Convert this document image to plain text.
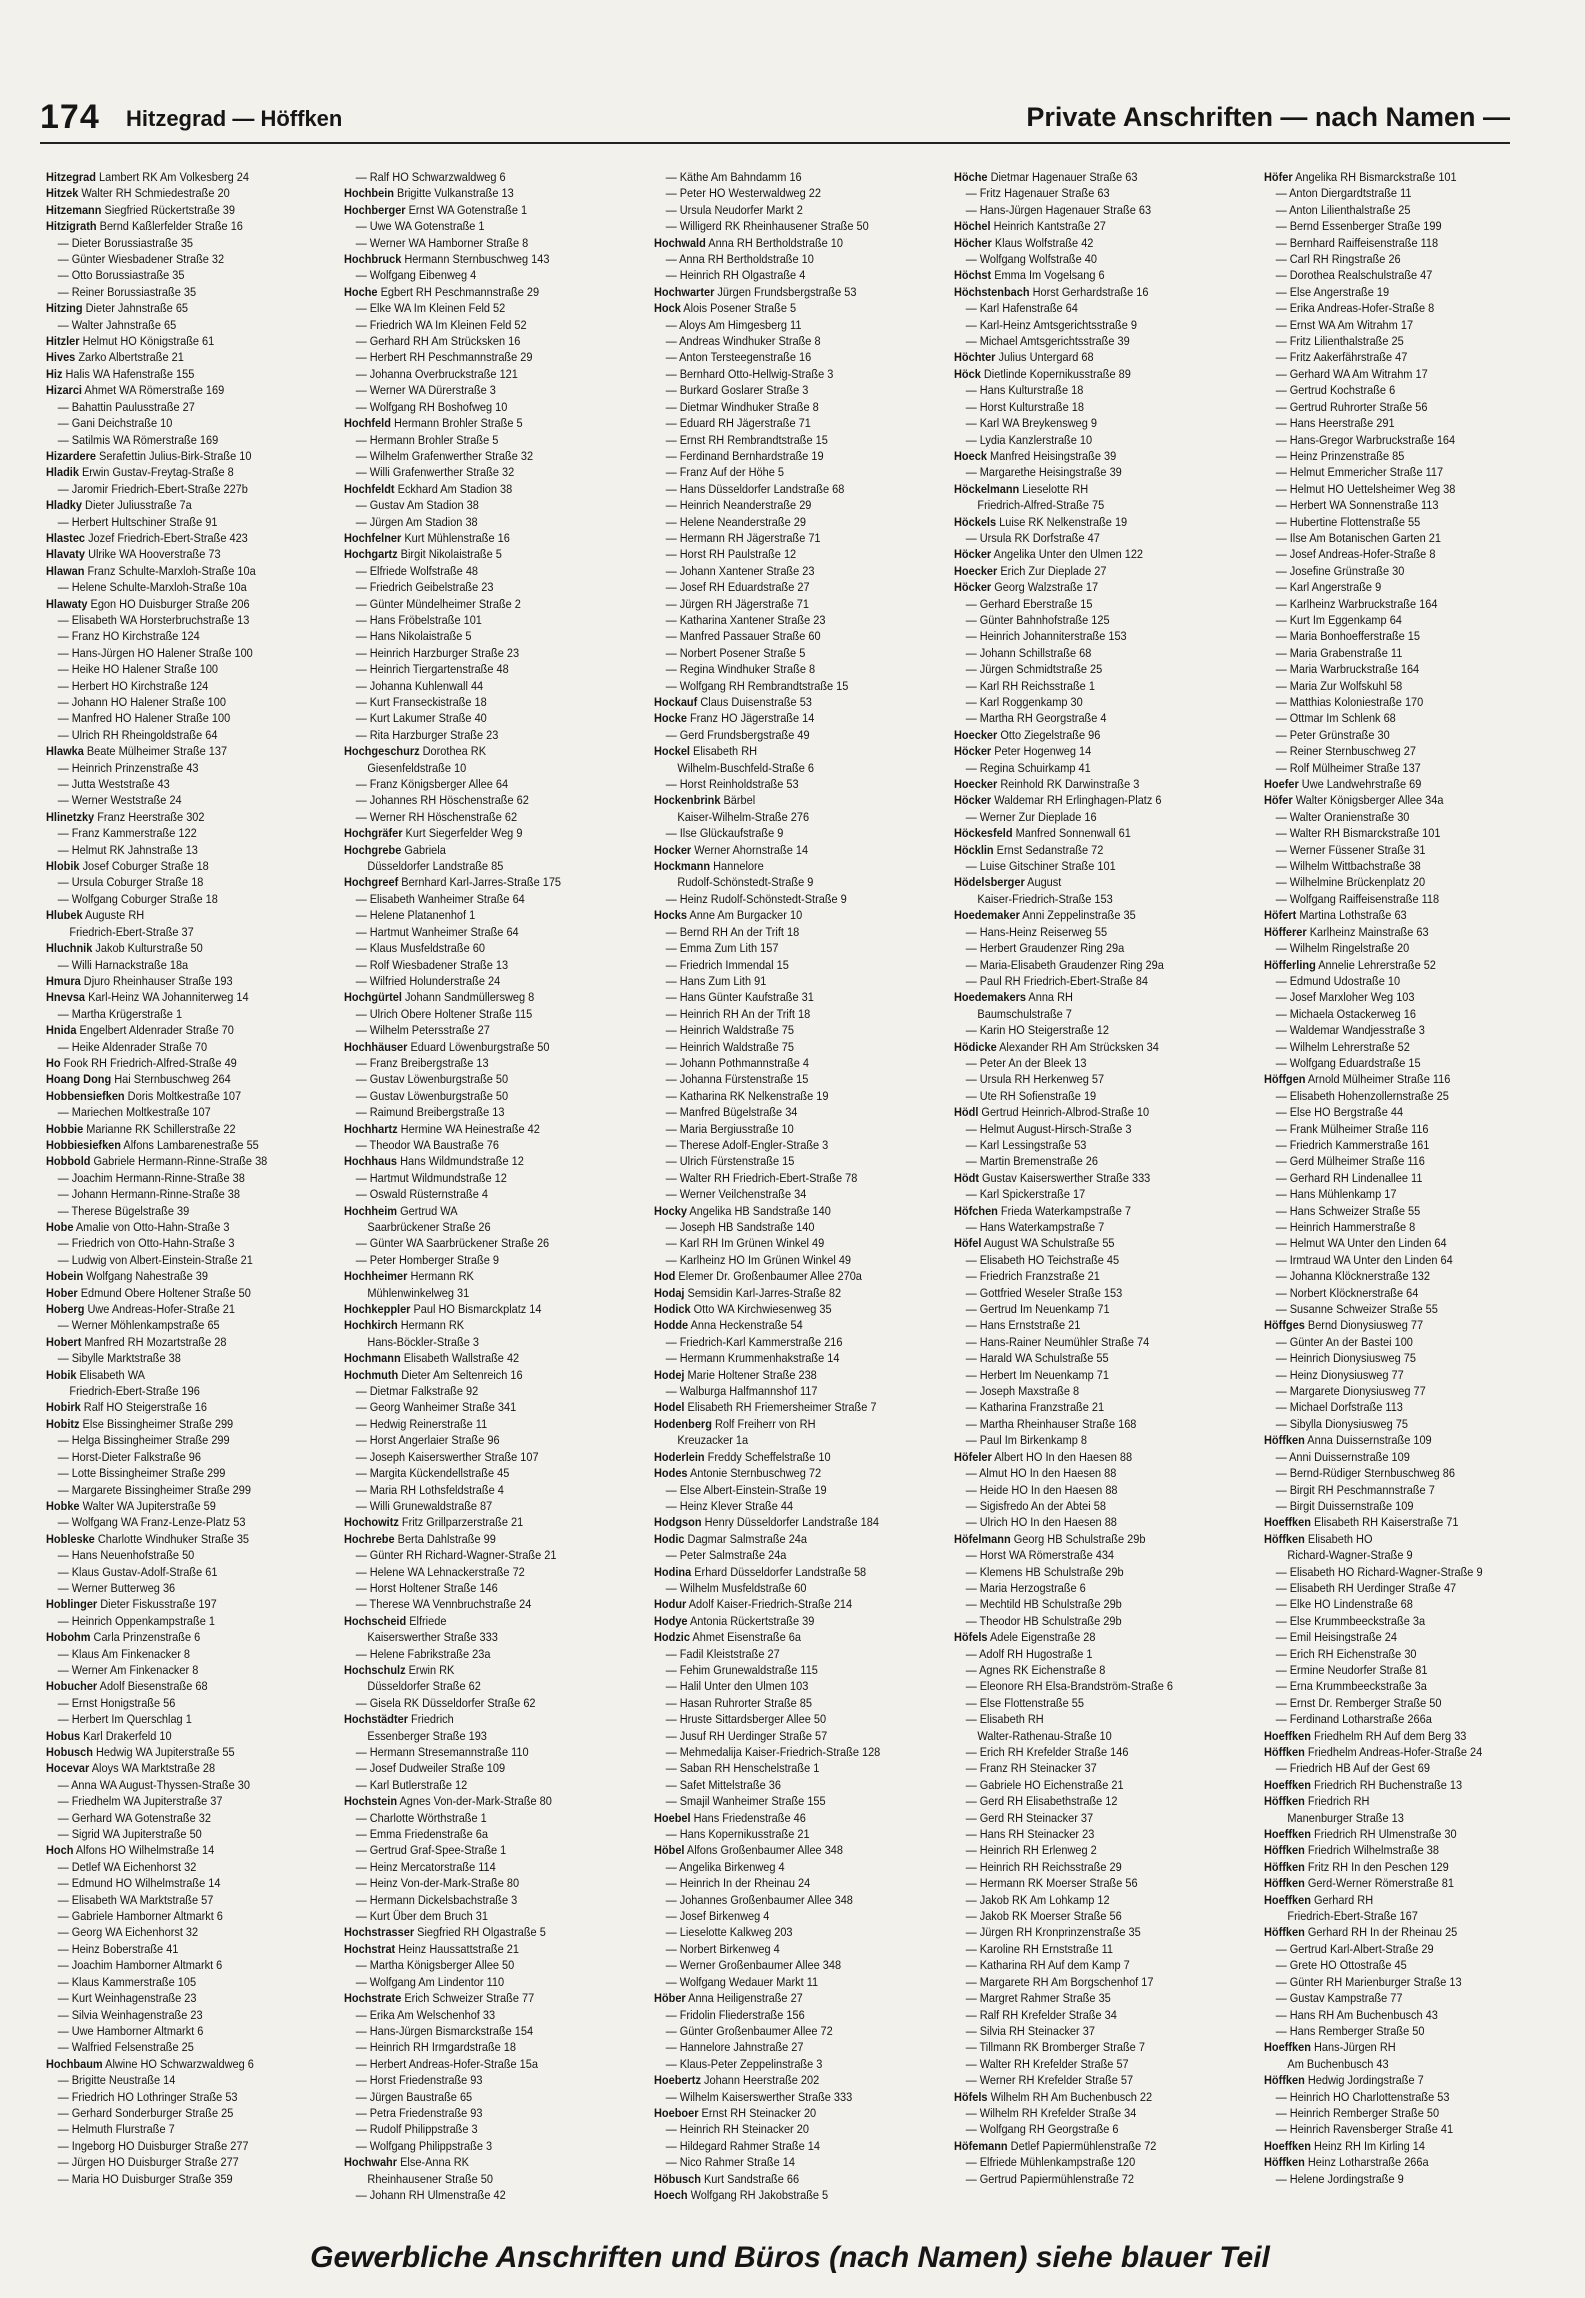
174 Hitzegrad — Höffken	Private Anschriften — nach Namen —
Hitzegrad Lambert RK Am Volkesberg 24
Hitzek Walter RH Schmiedestraße 20
Hitzemann Siegfried Rückertstraße 39
Hitzigrath Bernd Kaßlerfelder Straße 16
— Dieter Borussiastraße 35
— Günter Wiesbadener Straße 32
— Otto Borussiastraße 35
— Reiner Borussiastraße 35
Hitzing Dieter Jahnstraße 65
— Walter Jahnstraße 65
Hitzler Helmut HO Königstraße 61
Hives Zarko Albertstraße 21
Hiz Halis WA Hafenstraße 155
Hizarci Ahmet WA Römerstraße 169
— Bahattin Paulusstraße 27
— Gani Deichstraße 10
— Satilmis WA Römerstraße 169
Hizardere Serafettin Julius-Birk-Straße 10
Hladik Erwin Gustav-Freytag-Straße 8
— Jaromir Friedrich-Ebert-Straße 227b
Hladky Dieter Juliusstraße 7a
— Herbert Hultschiner Straße 91
Hlastec Jozef Friedrich-Ebert-Straße 423
Hlavaty Ulrike WA Hooverstraße 73
Hlawan Franz Schulte-Marxloh-Straße 10a
— Helene Schulte-Marxloh-Straße 10a
Hlawaty Egon HO Duisburger Straße 206
— Elisabeth WA Horsterbruchstraße 13
— Franz HO Kirchstraße 124
— Hans-Jürgen HO Halener Straße 100
— Heike HO Halener Straße 100
— Herbert HO Kirchstraße 124
— Johann HO Halener Straße 100
— Manfred HO Halener Straße 100
— Ulrich RH Rheingoldstraße 64
Hlawka Beate Mülheimer Straße 137
— Heinrich Prinzenstraße 43
— Jutta Weststraße 43
— Werner Weststraße 24
Hlinetzky Franz Heerstraße 302
— Franz Kammerstraße 122
— Helmut RK Jahnstraße 13
Hlobik Josef Coburger Straße 18
— Ursula Coburger Straße 18
— Wolfgang Coburger Straße 18
Hlubek Auguste RH
Friedrich-Ebert-Straße 37
Hluchnik Jakob Kulturstraße 50
— Willi Harnackstraße 18a
Hmura Djuro Rheinhauser Straße 193
Hnevsa Karl-Heinz WA Johanniterweg 14
— Martha Krügerstraße 1
Hnida Engelbert Aldenrader Straße 70
— Heike Aldenrader Straße 70
Ho Fook RH Friedrich-Alfred-Straße 49
Hoang Dong Hai Sternbuschweg 264
Hobbensiefken Doris Moltkestraße 107
— Mariechen Moltkestraße 107
Hobbie Marianne RK Schillerstraße 22
Hobbiesiefken Alfons Lambarenestraße 55
Hobbold Gabriele Hermann-Rinne-Straße 38
— Joachim Hermann-Rinne-Straße 38
— Johann Hermann-Rinne-Straße 38
— Therese Bügelstraße 39
Hobe Amalie von Otto-Hahn-Straße 3
— Friedrich von Otto-Hahn-Straße 3
— Ludwig von Albert-Einstein-Straße 21
Hobein Wolfgang Nahestraße 39
Hober Edmund Obere Holtener Straße 50
Hoberg Uwe Andreas-Hofer-Straße 21
— Werner Möhlenkampstraße 65
Hobert Manfred RH Mozartstraße 28
— Sibylle Marktstraße 38
Hobik Elisabeth WA
Friedrich-Ebert-Straße 196
Hobirk Ralf HO Steigerstraße 16
Hobitz Else Bissingheimer Straße 299
— Helga Bissingheimer Straße 299
— Horst-Dieter Falkstraße 96
— Lotte Bissingheimer Straße 299
— Margarete Bissingheimer Straße 299
Hobke Walter WA Jupiterstraße 59
— Wolfgang WA Franz-Lenze-Platz 53
Hobleske Charlotte Windhuker Straße 35
— Hans Neuenhofstraße 50
— Klaus Gustav-Adolf-Straße 61
— Werner Butterweg 36
Hoblinger Dieter Fiskusstraße 197
— Heinrich Oppenkampstraße 1
Hobohm Carla Prinzenstraße 6
— Klaus Am Finkenacker 8
— Werner Am Finkenacker 8
Hobucher Adolf Biesenstraße 68
— Ernst Honigstraße 56
— Herbert Im Querschlag 1
Hobus Karl Drakerfeld 10
Hobusch Hedwig WA Jupiterstraße 55
Hocevar Aloys WA Marktstraße 28
— Anna WA August-Thyssen-Straße 30
— Friedhelm WA Jupiterstraße 37
— Gerhard WA Gotenstraße 32
— Sigrid WA Jupiterstraße 50
Hoch Alfons HO Wilhelmstraße 14
— Detlef WA Eichenhorst 32
— Edmund HO Wilhelmstraße 14
— Elisabeth WA Marktstraße 57
— Gabriele Hamborner Altmarkt 6
— Georg WA Eichenhorst 32
— Heinz Boberstraße 41
— Joachim Hamborner Altmarkt 6
— Klaus Kammerstraße 105
— Kurt Weinhagenstraße 23
— Silvia Weinhagenstraße 23
— Uwe Hamborner Altmarkt 6
— Walfried Felsenstraße 25
Hochbaum Alwine HO Schwarzwaldweg 6
— Brigitte Neustraße 14
— Friedrich HO Lothringer Straße 53
— Gerhard Sonderburger Straße 25
— Helmuth Flurstraße 7
— Ingeborg HO Duisburger Straße 277
— Jürgen HO Duisburger Straße 277
— Maria HO Duisburger Straße 359
— Ralf HO Schwarzwaldweg 6
Hochbein Brigitte Vulkanstraße 13
Hochberger Ernst WA Gotenstraße 1
— Uwe WA Gotenstraße 1
— Werner WA Hamborner Straße 8
Hochbruck Hermann Sternbuschweg 143
— Wolfgang Eibenweg 4
Hoche Egbert RH Peschmannstraße 29
— Elke WA Im Kleinen Feld 52
— Friedrich WA Im Kleinen Feld 52
— Gerhard RH Am Strücksken 16
— Herbert RH Peschmannstraße 29
— Johanna Overbruckstraße 121
— Werner WA Dürerstraße 3
— Wolfgang RH Boshofweg 10
Hochfeld Hermann Brohler Straße 5
— Hermann Brohler Straße 5
— Wilhelm Grafenwerther Straße 32
— Willi Grafenwerther Straße 32
Hochfeldt Eckhard Am Stadion 38
— Gustav Am Stadion 38
— Jürgen Am Stadion 38
Hochfelner Kurt Mühlenstraße 16
Hochgartz Birgit Nikolaistraße 5
— Elfriede Wolfstraße 48
— Friedrich Geibelstraße 23
— Günter Mündelheimer Straße 2
— Hans Fröbelstraße 101
— Hans Nikolaistraße 5
— Heinrich Harzburger Straße 23
— Heinrich Tiergartenstraße 48
— Johanna Kuhlenwall 44
— Kurt Franseckistraße 18
— Kurt Lakumer Straße 40
— Rita Harzburger Straße 23
Hochgeschurz Dorothea RK
Giesenfeldstraße 10
— Franz Königsberger Allee 64
— Johannes RH Höschenstraße 62
— Werner RH Höschenstraße 62
Hochgräfer Kurt Siegerfelder Weg 9
Hochgrebe Gabriela
Düsseldorfer Landstraße 85
Hochgreef Bernhard Karl-Jarres-Straße 175
— Elisabeth Wanheimer Straße 64
— Helene Platanenhof 1
— Hartmut Wanheimer Straße 64
— Klaus Musfeldstraße 60
— Rolf Wiesbadener Straße 13
— Wilfried Holunderstraße 24
Hochgürtel Johann Sandmüllersweg 8
— Ulrich Obere Holtener Straße 115
— Wilhelm Petersstraße 27
Hochhäuser Eduard Löwenburgstraße 50
— Franz Breibergstraße 13
— Gustav Löwenburgstraße 50
— Gustav Löwenburgstraße 50
— Raimund Breibergstraße 13
Hochhartz Hermine WA Heinestraße 42
— Theodor WA Baustraße 76
Hochhaus Hans Wildmundstraße 12
— Hartmut Wildmundstraße 12
— Oswald Rüsternstraße 4
Hochheim Gertrud WA
Saarbrückener Straße 26
— Günter WA Saarbrückener Straße 26
— Peter Homberger Straße 9
Hochheimer Hermann RK
Mühlenwinkelweg 31
Hochkeppler Paul HO Bismarckplatz 14
Hochkirch Hermann RK
Hans-Böckler-Straße 3
Hochmann Elisabeth Wallstraße 42
Hochmuth Dieter Am Seltenreich 16
— Dietmar Falkstraße 92
— Georg Wanheimer Straße 341
— Hedwig Reinerstraße 11
— Horst Angerlaier Straße 96
— Joseph Kaiserswerther Straße 107
— Margita Kückendellstraße 45
— Maria RH Lothsfeldstraße 4
— Willi Grunewaldstraße 87
Hochowitz Fritz Grillparzerstraße 21
Hochrebe Berta Dahlstraße 99
— Günter RH Richard-Wagner-Straße 21
— Helene WA Lehnackerstraße 72
— Horst Holtener Straße 146
— Therese WA Vennbruchstraße 24
Hochscheid Elfriede
Kaiserswerther Straße 333
— Helene Fabrikstraße 23a
Hochschulz Erwin RK
Düsseldorfer Straße 62
— Gisela RK Düsseldorfer Straße 62
Hochstädter Friedrich
Essenberger Straße 193
— Hermann Stresemannstraße 110
— Josef Dudweiler Straße 109
— Karl Butlerstraße 12
Hochstein Agnes Von-der-Mark-Straße 80
— Charlotte Wörthstraße 1
— Emma Friedenstraße 6a
— Gertrud Graf-Spee-Straße 1
— Heinz Mercatorstraße 114
— Heinz Von-der-Mark-Straße 80
— Hermann Dickelsbachstraße 3
— Kurt Über dem Bruch 31
Hochstrasser Siegfried RH Olgastraße 5
Hochstrat Heinz Haussattstraße 21
— Martha Königsberger Allee 50
— Wolfgang Am Lindentor 110
Hochstrate Erich Schweizer Straße 77
— Erika Am Welschenhof 33
— Hans-Jürgen Bismarckstraße 154
— Heinrich RH Irmgardstraße 18
— Herbert Andreas-Hofer-Straße 15a
— Horst Friedenstraße 93
— Jürgen Baustraße 65
— Petra Friedenstraße 93
— Rudolf Philippstraße 3
— Wolfgang Philippstraße 3
Hochwahr Else-Anna RK
Rheinhausener Straße 50
— Johann RH Ulmenstraße 42
— Käthe Am Bahndamm 16
— Peter HO Westerwaldweg 22
— Ursula Neudorfer Markt 2
— Willigerd RK Rheinhausener Straße 50
Hochwald Anna RH Bertholdstraße 10
— Anna RH Bertholdstraße 10
— Heinrich RH Olgastraße 4
Hochwarter Jürgen Frundsbergstraße 53
Hock Alois Posener Straße 5
— Aloys Am Himgesberg 11
— Andreas Windhuker Straße 8
— Anton Tersteegenstraße 16
— Bernhard Otto-Hellwig-Straße 3
— Burkard Goslarer Straße 3
— Dietmar Windhuker Straße 8
— Eduard RH Jägerstraße 71
— Ernst RH Rembrandtstraße 15
— Ferdinand Bernhardstraße 19
— Franz Auf der Höhe 5
— Hans Düsseldorfer Landstraße 68
— Heinrich Neanderstraße 29
— Helene Neanderstraße 29
— Hermann RH Jägerstraße 71
— Horst RH Paulstraße 12
— Johann Xantener Straße 23
— Josef RH Eduardstraße 27
— Jürgen RH Jägerstraße 71
— Katharina Xantener Straße 23
— Manfred Passauer Straße 60
— Norbert Posener Straße 5
— Regina Windhuker Straße 8
— Wolfgang RH Rembrandtstraße 15
Hockauf Claus Duisenstraße 53
Hocke Franz HO Jägerstraße 14
— Gerd Frundsbergstraße 49
Hockel Elisabeth RH
Wilhelm-Buschfeld-Straße 6
— Horst Reinholdstraße 53
Hockenbrink Bärbel
Kaiser-Wilhelm-Straße 276
— Ilse Glückaufstraße 9
Hocker Werner Ahornstraße 14
Hockmann Hannelore
Rudolf-Schönstedt-Straße 9
— Heinz Rudolf-Schönstedt-Straße 9
Hocks Anne Am Burgacker 10
— Bernd RH An der Trift 18
— Emma Zum Lith 157
— Friedrich Immendal 15
— Hans Zum Lith 91
— Hans Günter Kaufstraße 31
— Heinrich RH An der Trift 18
— Heinrich Waldstraße 75
— Heinrich Waldstraße 75
— Johann Pothmannstraße 4
— Johanna Fürstenstraße 15
— Katharina RK Nelkenstraße 19
— Manfred Bügelstraße 34
— Maria Bergiusstraße 10
— Therese Adolf-Engler-Straße 3
— Ulrich Fürstenstraße 15
— Walter RH Friedrich-Ebert-Straße 78
— Werner Veilchenstraße 34
Hocky Angelika HB Sandstraße 140
— Joseph HB Sandstraße 140
— Karl RH Im Grünen Winkel 49
— Karlheinz HO Im Grünen Winkel 49
Hod Elemer Dr. Großenbaumer Allee 270a
Hodaj Semsidin Karl-Jarres-Straße 82
Hodick Otto WA Kirchwiesenweg 35
Hodde Anna Heckenstraße 54
— Friedrich-Karl Kammerstraße 216
— Hermann Krummenhakstraße 14
Hodej Marie Holtener Straße 238
— Walburga Halfmannshof 117
Hodel Elisabeth RH Friemersheimer Straße 7
Hodenberg Rolf Freiherr von RH
Kreuzacker 1a
Hoderlein Freddy Scheffelstraße 10
Hodes Antonie Sternbuschweg 72
— Else Albert-Einstein-Straße 19
— Heinz Klever Straße 44
Hodgson Henry Düsseldorfer Landstraße 184
Hodic Dagmar Salmstraße 24a
— Peter Salmstraße 24a
Hodina Erhard Düsseldorfer Landstraße 58
— Wilhelm Musfeldstraße 60
Hodur Adolf Kaiser-Friedrich-Straße 214
Hodye Antonia Rückertstraße 39
Hodzic Ahmet Eisenstraße 6a
— Fadil Kleiststraße 27
— Fehim Grunewaldstraße 115
— Halil Unter den Ulmen 103
— Hasan Ruhrorter Straße 85
— Hruste Sittardsberger Allee 50
— Jusuf RH Uerdinger Straße 57
— Mehmedalija Kaiser-Friedrich-Straße 128
— Saban RH Henschelstraße 1
— Safet Mittelstraße 36
— Smajil Wanheimer Straße 155
Hoebel Hans Friedenstraße 46
— Hans Kopernikusstraße 21
Höbel Alfons Großenbaumer Allee 348
— Angelika Birkenweg 4
— Heinrich In der Rheinau 24
— Johannes Großenbaumer Allee 348
— Josef Birkenweg 4
— Lieselotte Kalkweg 203
— Norbert Birkenweg 4
— Werner Großenbaumer Allee 348
— Wolfgang Wedauer Markt 11
Höber Anna Heiligenstraße 27
— Fridolin Fliederstraße 156
— Günter Großenbaumer Allee 72
— Hannelore Jahnstraße 27
— Klaus-Peter Zeppelinstraße 3
Hoebertz Johann Heerstraße 202
— Wilhelm Kaiserswerther Straße 333
Hoeboer Ernst RH Steinacker 20
— Heinrich RH Steinacker 20
— Hildegard Rahmer Straße 14
— Nico Rahmer Straße 14
Höbusch Kurt Sandstraße 66
Hoech Wolfgang RH Jakobstraße 5
Höche Dietmar Hagenauer Straße 63
— Fritz Hagenauer Straße 63
— Hans-Jürgen Hagenauer Straße 63
Höchel Heinrich Kantstraße 27
Höcher Klaus Wolfstraße 42
— Wolfgang Wolfstraße 40
Höchst Emma Im Vogelsang 6
Höchstenbach Horst Gerhardstraße 16
— Karl Hafenstraße 64
— Karl-Heinz Amtsgerichtsstraße 9
— Michael Amtsgerichtsstraße 39
Höchter Julius Untergard 68
Höck Dietlinde Kopernikusstraße 89
— Hans Kulturstraße 18
— Horst Kulturstraße 18
— Karl WA Breykensweg 9
— Lydia Kanzlerstraße 10
Hoeck Manfred Heisingstraße 39
— Margarethe Heisingstraße 39
Höckelmann Lieselotte RH
Friedrich-Alfred-Straße 75
Höckels Luise RK Nelkenstraße 19
— Ursula RK Dorfstraße 47
Höcker Angelika Unter den Ulmen 122
Hoecker Erich Zur Dieplade 27
Höcker Georg Walzstraße 17
— Gerhard Eberstraße 15
— Günter Bahnhofstraße 125
— Heinrich Johanniterstraße 153
— Johann Schillstraße 68
— Jürgen Schmidtstraße 25
— Karl RH Reichsstraße 1
— Karl Roggenkamp 30
— Martha RH Georgstraße 4
Hoecker Otto Ziegelstraße 96
Höcker Peter Hogenweg 14
— Regina Schuirkamp 41
Hoecker Reinhold RK Darwinstraße 3
Höcker Waldemar RH Erlinghagen-Platz 6
— Werner Zur Dieplade 16
Höckesfeld Manfred Sonnenwall 61
Höcklin Ernst Sedanstraße 72
— Luise Gitschiner Straße 101
Hödelsberger August
Kaiser-Friedrich-Straße 153
Hoedemaker Anni Zeppelinstraße 35
— Hans-Heinz Reiserweg 55
— Herbert Graudenzer Ring 29a
— Maria-Elisabeth Graudenzer Ring 29a
— Paul RH Friedrich-Ebert-Straße 84
Hoedemakers Anna RH
Baumschulstraße 7
— Karin HO Steigerstraße 12
Hödicke Alexander RH Am Strücksken 34
— Peter An der Bleek 13
— Ursula RH Herkenweg 57
— Ute RH Sofienstraße 19
Hödl Gertrud Heinrich-Albrod-Straße 10
— Helmut August-Hirsch-Straße 3
— Karl Lessingstraße 53
— Martin Bremenstraße 26
Hödt Gustav Kaiserswerther Straße 333
— Karl Spickerstraße 17
Höfchen Frieda Waterkampstraße 7
— Hans Waterkampstraße 7
Höfel August WA Schulstraße 55
— Elisabeth HO Teichstraße 45
— Friedrich Franzstraße 21
— Gottfried Weseler Straße 153
— Gertrud Im Neuenkamp 71
— Hans Ernststraße 21
— Hans-Rainer Neumühler Straße 74
— Harald WA Schulstraße 55
— Herbert Im Neuenkamp 71
— Joseph Maxstraße 8
— Katharina Franzstraße 21
— Martha Rheinhauser Straße 168
— Paul Im Birkenkamp 8
Höfeler Albert HO In den Haesen 88
— Almut HO In den Haesen 88
— Heide HO In den Haesen 88
— Sigisfredo An der Abtei 58
— Ulrich HO In den Haesen 88
Höfelmann Georg HB Schulstraße 29b
— Horst WA Römerstraße 434
— Klemens HB Schulstraße 29b
— Maria Herzogstraße 6
— Mechtild HB Schulstraße 29b
— Theodor HB Schulstraße 29b
Höfels Adele Eigenstraße 28
— Adolf RH Hugostraße 1
— Agnes RK Eichenstraße 8
— Eleonore RH Elsa-Brandström-Straße 6
— Else Flottenstraße 55
— Elisabeth RH
Walter-Rathenau-Straße 10
— Erich RH Krefelder Straße 146
— Franz RH Steinacker 37
— Gabriele HO Eichenstraße 21
— Gerd RH Elisabethstraße 12
— Gerd RH Steinacker 37
— Hans RH Steinacker 23
— Heinrich RH Erlenweg 2
— Heinrich RH Reichsstraße 29
— Hermann RK Moerser Straße 56
— Jakob RK Am Lohkamp 12
— Jakob RK Moerser Straße 56
— Jürgen RH Kronprinzenstraße 35
— Karoline RH Ernststraße 11
— Katharina RH Auf dem Kamp 7
— Margarete RH Am Borgschenhof 17
— Margret Rahmer Straße 35
— Ralf RH Krefelder Straße 34
— Silvia RH Steinacker 37
— Tillmann RK Bromberger Straße 7
— Walter RH Krefelder Straße 57
— Werner RH Krefelder Straße 57
Höfels Wilhelm RH Am Buchenbusch 22
— Wilhelm RH Krefelder Straße 34
— Wolfgang RH Georgstraße 6
Höfemann Detlef Papiermühlenstraße 72
— Elfriede Mühlenkampstraße 120
— Gertrud Papiermühlenstraße 72
Höfer Angelika RH Bismarckstraße 101
— Anton Diergardtstraße 11
— Anton Lilienthalstraße 25
— Bernd Essenberger Straße 199
— Bernhard Raiffeisenstraße 118
— Carl RH Ringstraße 26
— Dorothea Realschulstraße 47
— Else Angerstraße 19
— Erika Andreas-Hofer-Straße 8
— Ernst WA Am Witrahm 17
— Fritz Lilienthalstraße 25
— Fritz Aakerfährstraße 47
— Gerhard WA Am Witrahm 17
— Gertrud Kochstraße 6
— Gertrud Ruhrorter Straße 56
— Hans Heerstraße 291
— Hans-Gregor Warbruckstraße 164
— Heinz Prinzenstraße 85
— Helmut Emmericher Straße 117
— Helmut HO Uettelsheimer Weg 38
— Herbert WA Sonnenstraße 113
— Hubertine Flottenstraße 55
— Ilse Am Botanischen Garten 21
— Josef Andreas-Hofer-Straße 8
— Josefine Grünstraße 30
— Karl Angerstraße 9
— Karlheinz Warbruckstraße 164
— Kurt Im Eggenkamp 64
— Maria Bonhoefferstraße 15
— Maria Grabenstraße 11
— Maria Warbruckstraße 164
— Maria Zur Wolfskuhl 58
— Matthias Koloniestraße 170
— Ottmar Im Schlenk 68
— Peter Grünstraße 30
— Reiner Sternbuschweg 27
— Rolf Mülheimer Straße 137
Hoefer Uwe Landwehrstraße 69
Höfer Walter Königsberger Allee 34a
— Walter Oranienstraße 30
— Walter RH Bismarckstraße 101
— Werner Füssener Straße 31
— Wilhelm Wittbachstraße 38
— Wilhelmine Brückenplatz 20
— Wolfgang Raiffeisenstraße 118
Höfert Martina Lothstraße 63
Höfferer Karlheinz Mainstraße 63
— Wilhelm Ringelstraße 20
Höfferling Annelie Lehrerstraße 52
— Edmund Udostraße 10
— Josef Marxloher Weg 103
— Michaela Ostackerweg 16
— Waldemar Wandjesstraße 3
— Wilhelm Lehrerstraße 52
— Wolfgang Eduardstraße 15
Höffgen Arnold Mülheimer Straße 116
— Elisabeth Hohenzollernstraße 25
— Else HO Bergstraße 44
— Frank Mülheimer Straße 116
— Friedrich Kammerstraße 161
— Gerd Mülheimer Straße 116
— Gerhard RH Lindenallee 11
— Hans Mühlenkamp 17
— Hans Schweizer Straße 55
— Heinrich Hammerstraße 8
— Helmut WA Unter den Linden 64
— Irmtraud WA Unter den Linden 64
— Johanna Klöcknerstraße 132
— Norbert Klöcknerstraße 64
— Susanne Schweizer Straße 55
Höffges Bernd Dionysiusweg 77
— Günter An der Bastei 100
— Heinrich Dionysiusweg 75
— Heinz Dionysiusweg 77
— Margarete Dionysiusweg 77
— Michael Dorfstraße 113
— Sibylla Dionysiusweg 75
Höffken Anna Duissernstraße 109
— Anni Duissernstraße 109
— Bernd-Rüdiger Sternbuschweg 86
— Birgit RH Peschmannstraße 7
— Birgit Duissernstraße 109
Hoeffken Elisabeth RH Kaiserstraße 71
Höffken Elisabeth HO
Richard-Wagner-Straße 9
— Elisabeth HO Richard-Wagner-Straße 9
— Elisabeth RH Uerdinger Straße 47
— Elke HO Lindenstraße 68
— Else Krummbeeckstraße 3a
— Emil Heisingstraße 24
— Erich RH Eichenstraße 30
— Ermine Neudorfer Straße 81
— Erna Krummbeeckstraße 3a
— Ernst Dr. Remberger Straße 50
— Ferdinand Lotharstraße 266a
Hoeffken Friedhelm RH Auf dem Berg 33
Höffken Friedhelm Andreas-Hofer-Straße 24
— Friedrich HB Auf der Gest 69
Hoeffken Friedrich RH Buchenstraße 13
Höffken Friedrich RH
Manenburger Straße 13
Hoeffken Friedrich RH Ulmenstraße 30
Höffken Friedrich Wilhelmstraße 38
Höffken Fritz RH In den Peschen 129
Höffken Gerd-Werner Römerstraße 81
Hoeffken Gerhard RH
Friedrich-Ebert-Straße 167
Höffken Gerhard RH In der Rheinau 25
— Gertrud Karl-Albert-Straße 29
— Grete HO Ottostraße 45
— Günter RH Marienburger Straße 13
— Gustav Kampstraße 77
— Hans RH Am Buchenbusch 43
— Hans Remberger Straße 50
Hoeffken Hans-Jürgen RH
Am Buchenbusch 43
Höffken Hedwig Jordingstraße 7
— Heinrich HO Charlottenstraße 53
— Heinrich Remberger Straße 50
— Heinrich Ravensberger Straße 41
Hoeffken Heinz RH Im Kirling 14
Höffken Heinz Lotharstraße 266a
— Helene Jordingstraße 9
Gewerbliche Anschriften und Büros (nach Namen) siehe blauer Teil
